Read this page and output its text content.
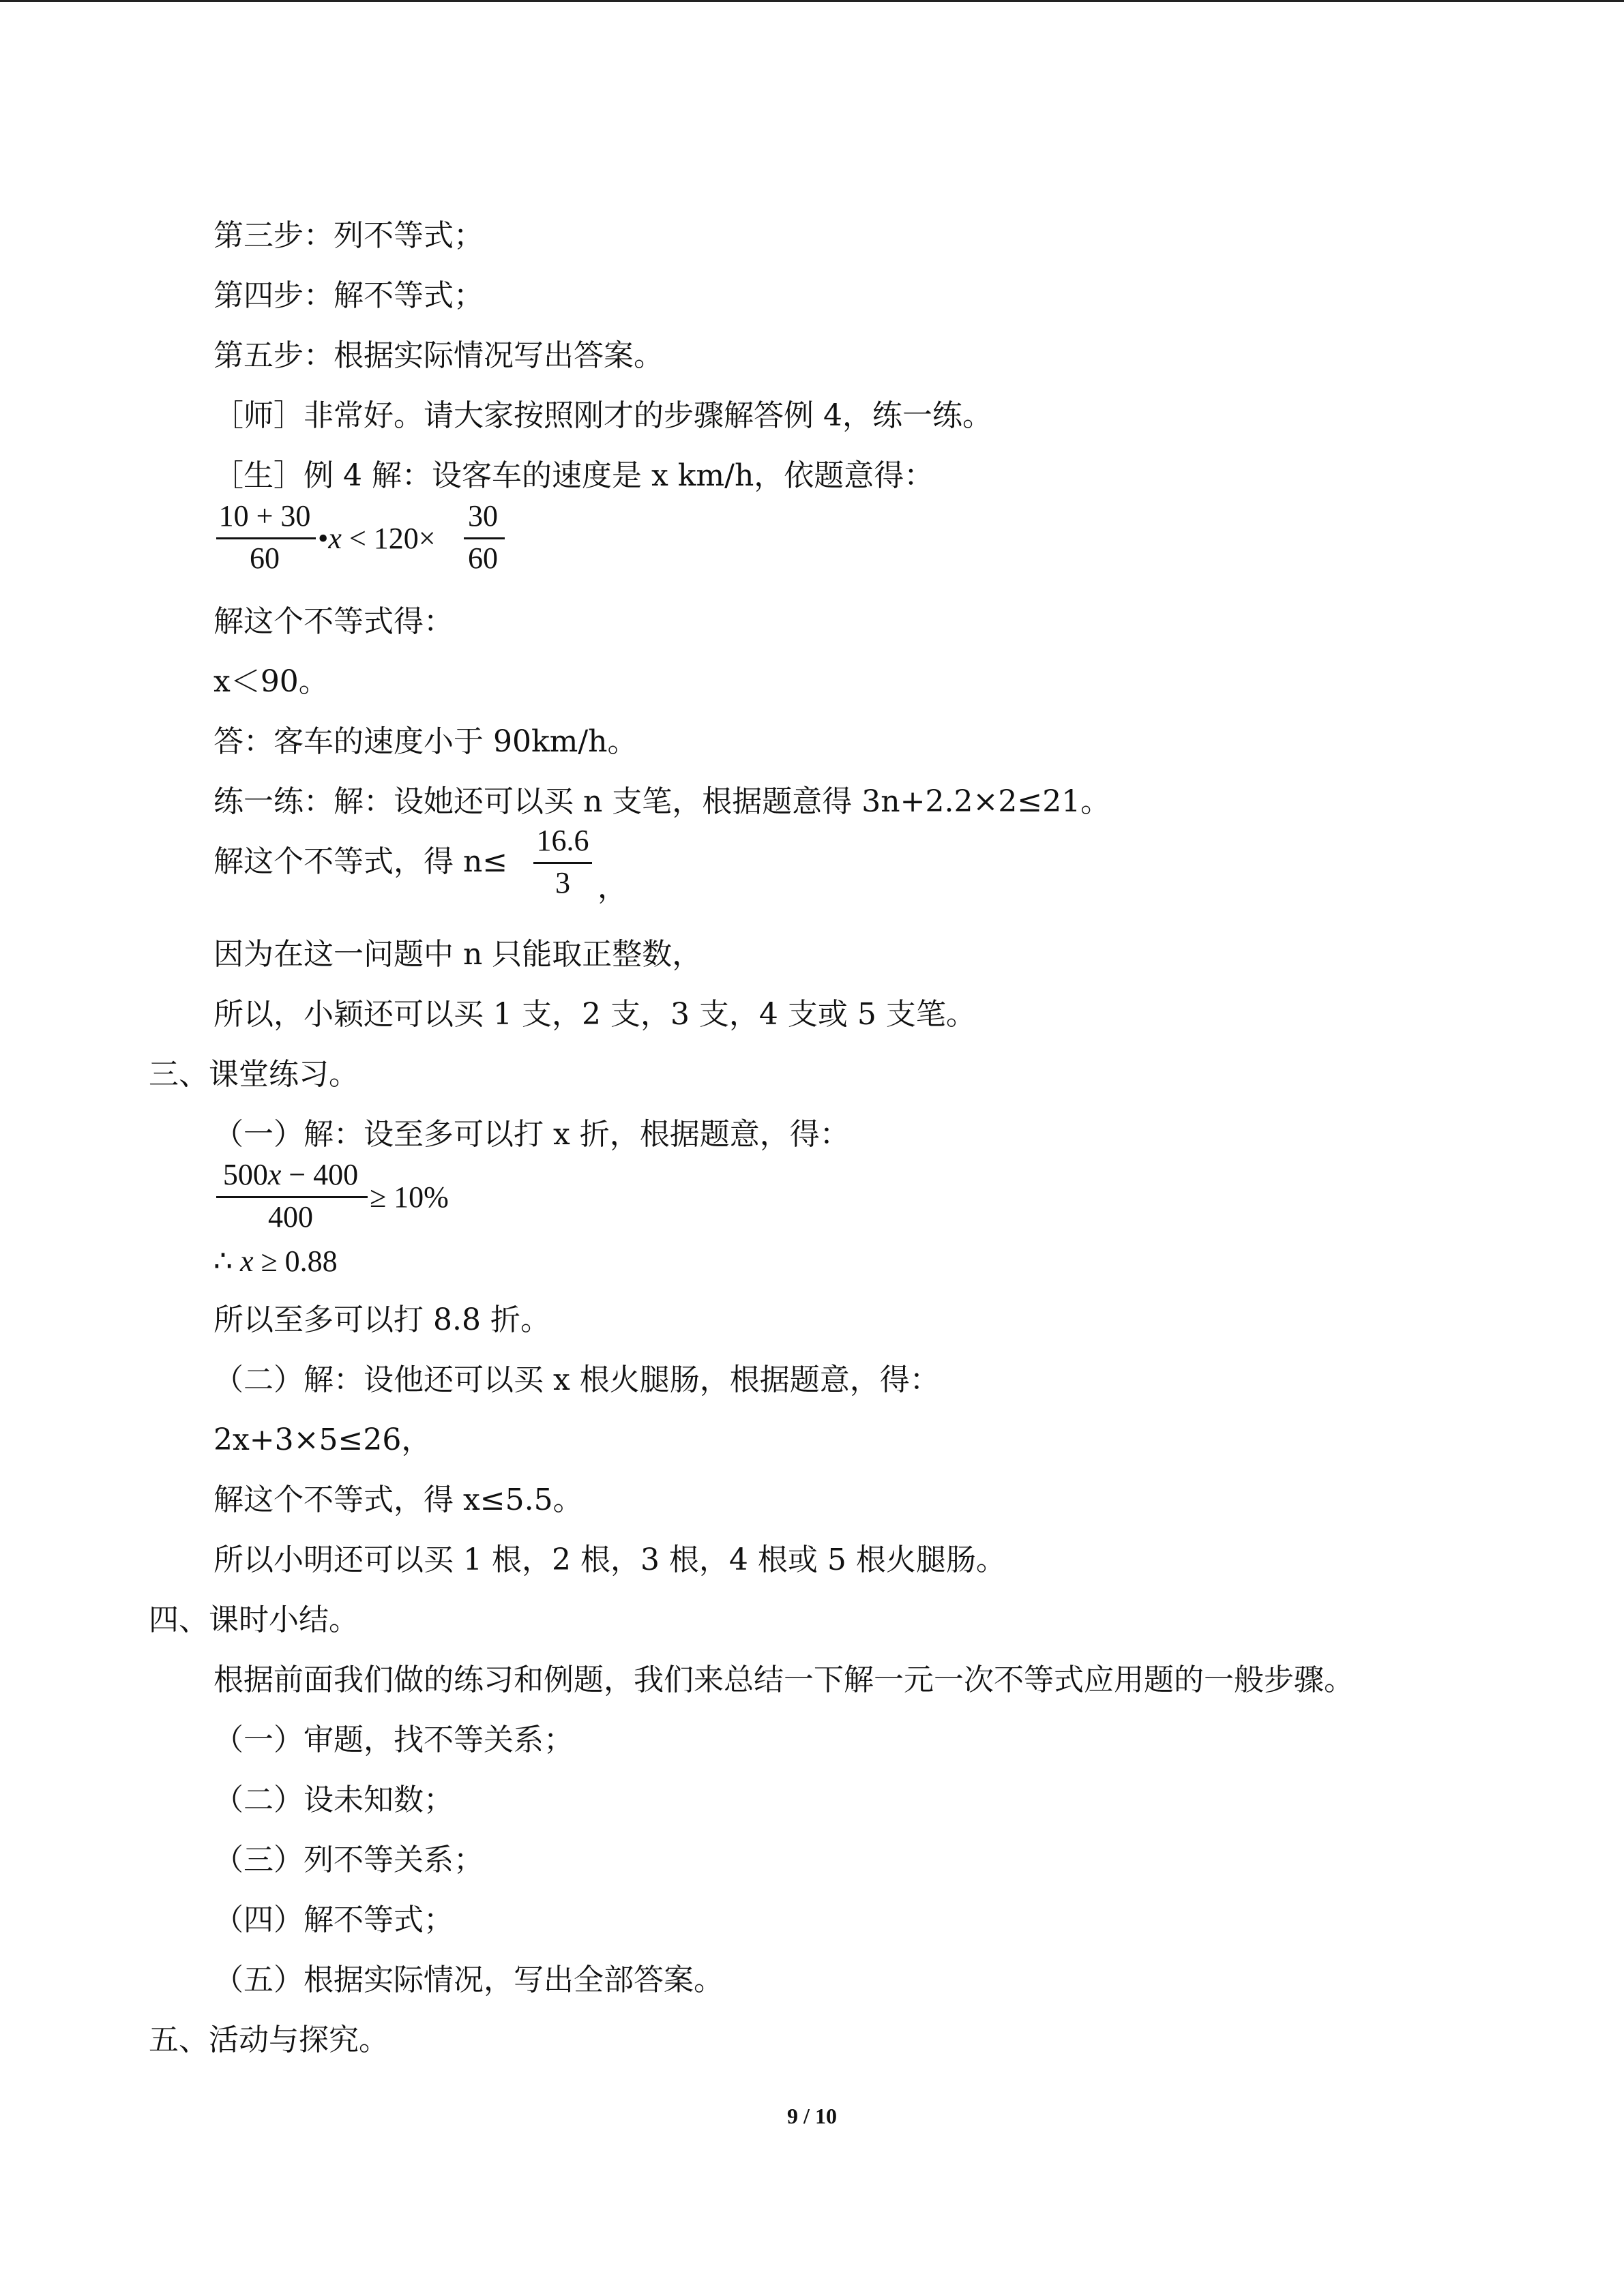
第三步：列不等式；
第四步：解不等式；
第五步：根据实际情况写出答案。
［师］非常好。请大家按照刚才的步骤解答例 4，练一练。
［生］例 4 解：设客车的速度是 x km/h，依题意得：
10 + 30
60
•x < 120×
30
60
解这个不等式得：
x＜90。
答：客车的速度小于 90km/h。
练一练：解：设她还可以买 n 支笔，根据题意得 3n+2.2×2≤21。
解这个不等式，得 n≤
16.6
3 ，
因为在这一问题中 n 只能取正整数，
所以，小颖还可以买 1 支，2 支，3 支，4 支或 5 支笔。
三、课堂练习。
（一）解：设至多可以打 x 折，根据题意，得：
500x − 400
400
≥ 10%
∴ x ≥ 0.88
所以至多可以打 8.8 折。
（二）解：设他还可以买 x 根火腿肠，根据题意，得：
2x+3×5≤26，
解这个不等式，得 x≤5.5。
所以小明还可以买 1 根，2 根，3 根，4 根或 5 根火腿肠。
四、课时小结。
根据前面我们做的练习和例题，我们来总结一下解一元一次不等式应用题的一般步骤。
（一）审题，找不等关系；
（二）设未知数；
（三）列不等关系；
（四）解不等式；
（五）根据实际情况，写出全部答案。
五、活动与探究。
9 / 10
